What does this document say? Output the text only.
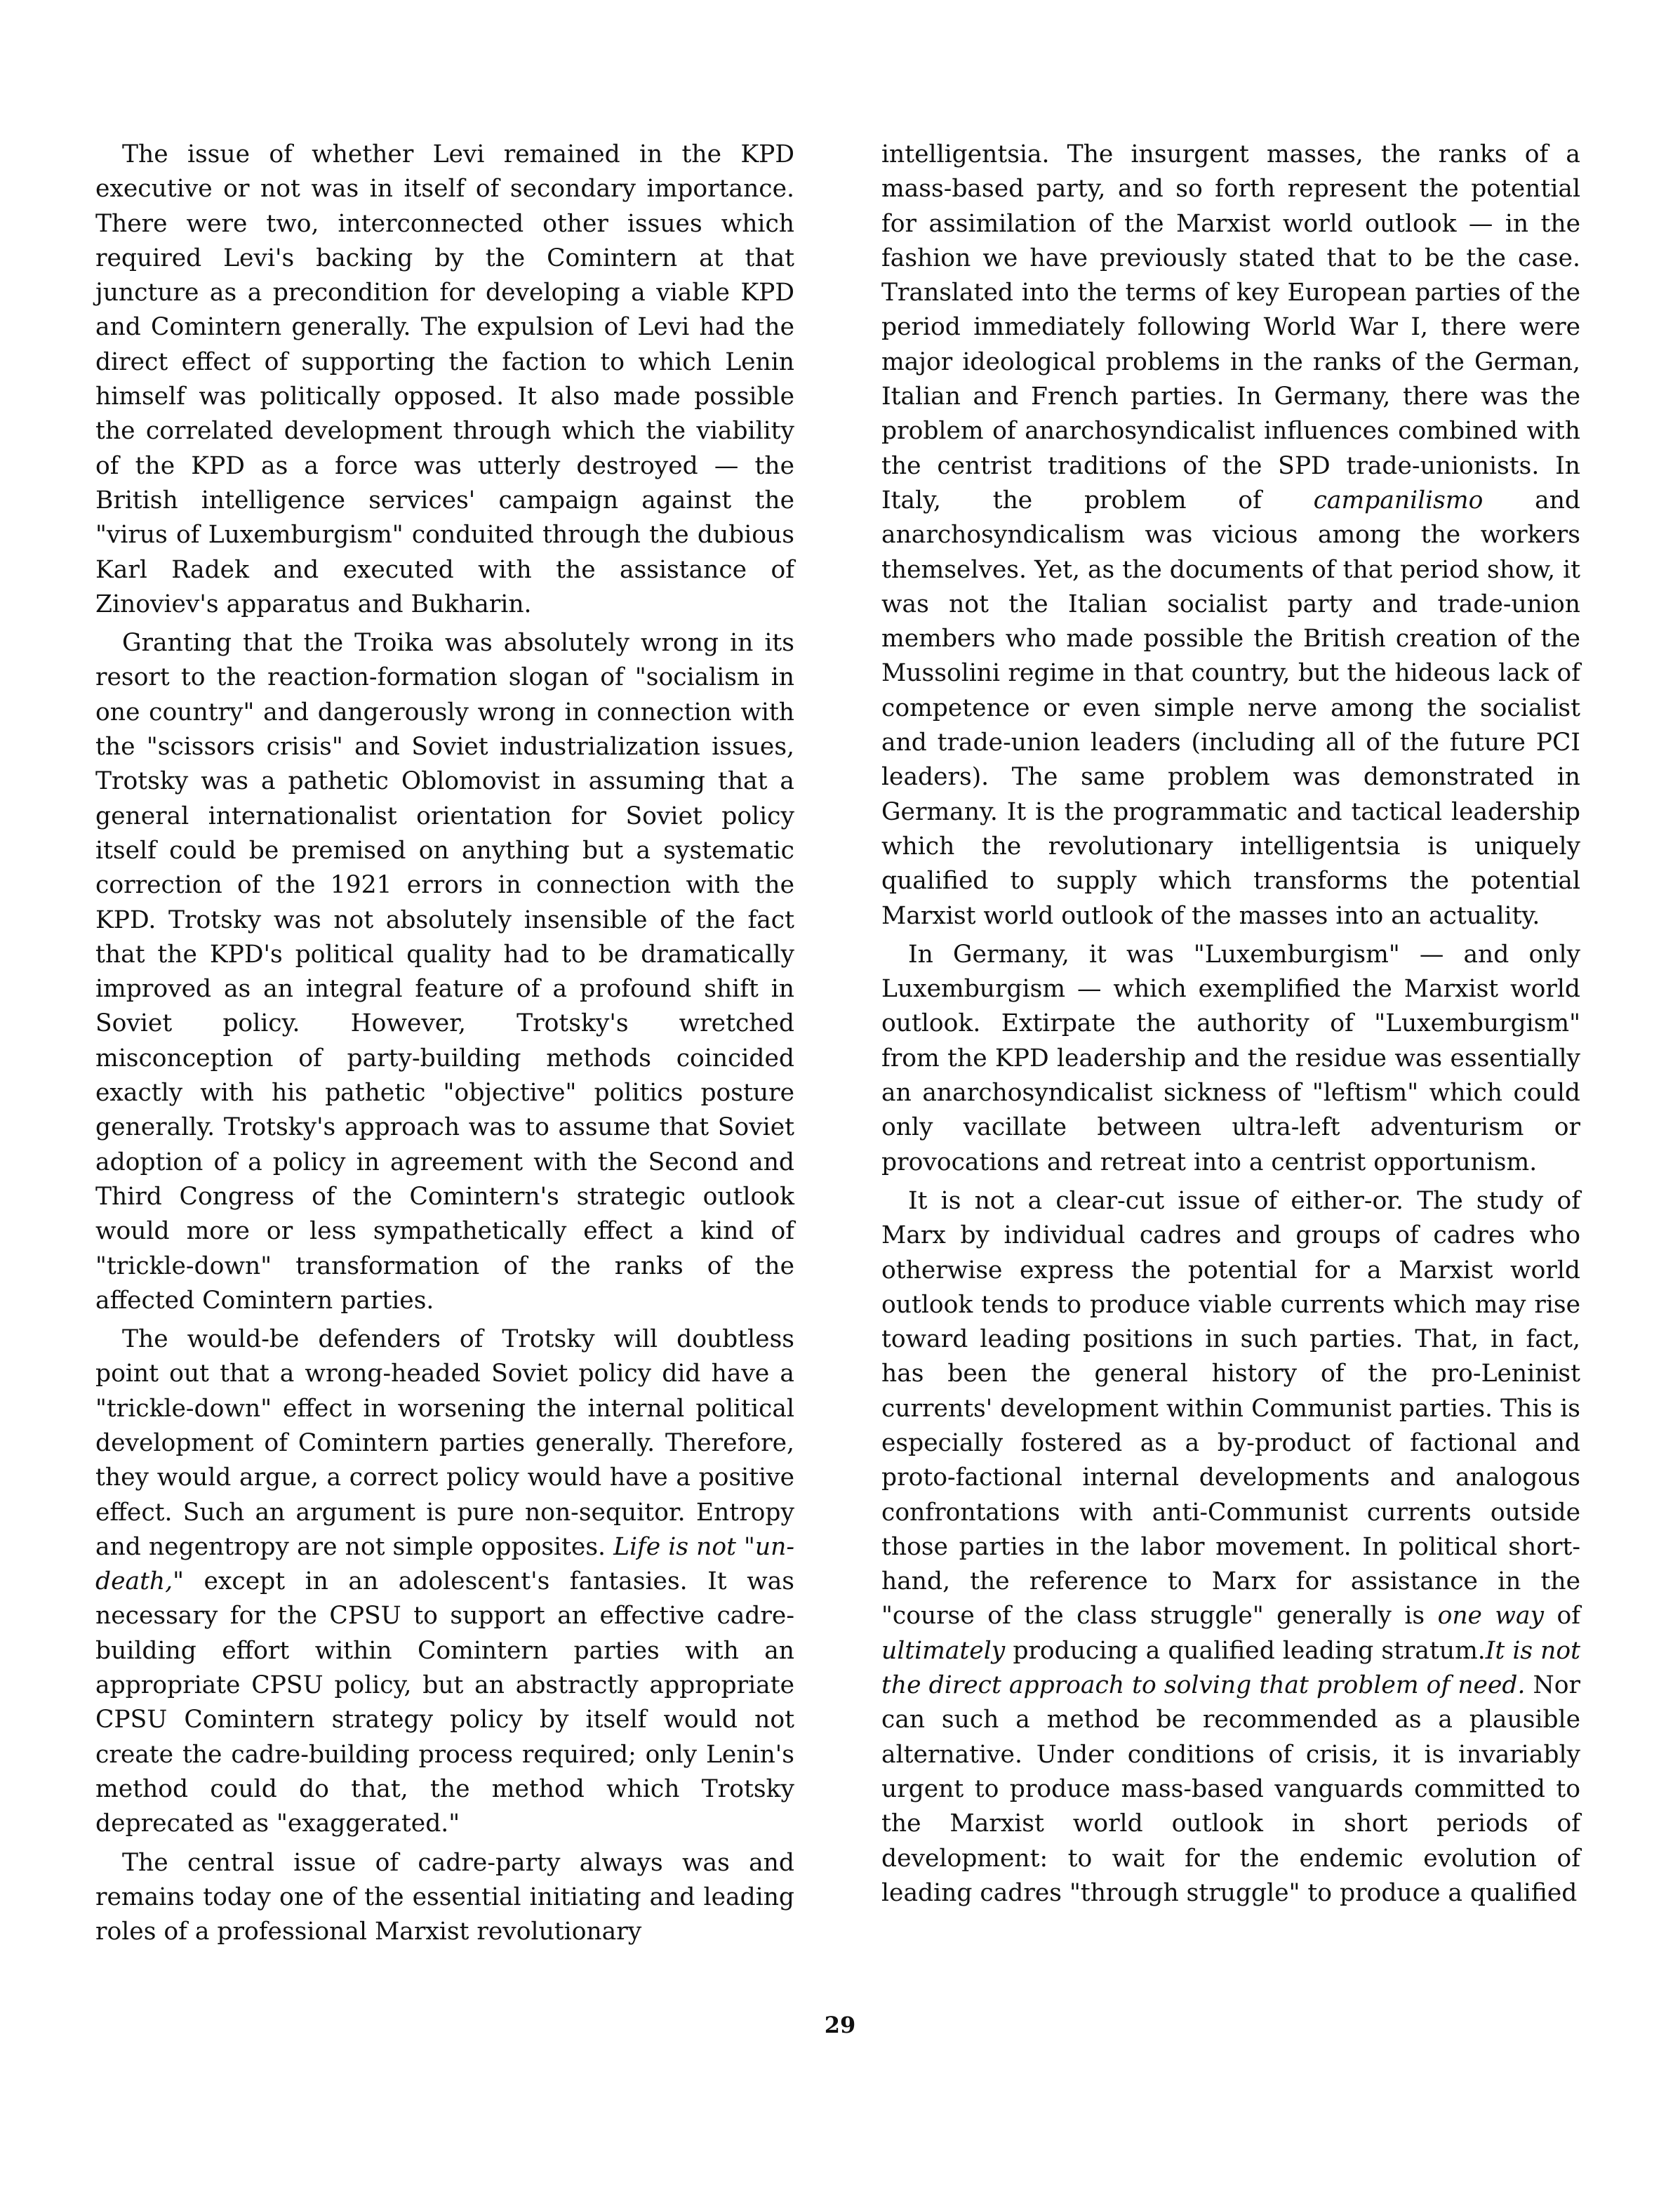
The issue of whether Levi remained in the KPD executive or not was in itself of secondary importance. There were two, interconnected other issues which required Levi's backing by the Comintern at that juncture as a precondition for developing a viable KPD and Comintern generally. The expulsion of Levi had the direct effect of supporting the faction to which Lenin himself was politically opposed. It also made possible the correlated development through which the viability of the KPD as a force was utterly destroyed — the British intelligence services' campaign against the "virus of Luxemburgism" conduited through the dubious Karl Radek and executed with the assistance of Zinoviev's apparatus and Bukharin.

Granting that the Troika was absolutely wrong in its resort to the reaction-formation slogan of "socialism in one country" and dangerously wrong in connection with the "scissors crisis" and Soviet industrialization issues, Trotsky was a pathetic Oblomovist in assuming that a general internationalist orientation for Soviet policy itself could be premised on anything but a systematic correction of the 1921 errors in connection with the KPD. Trotsky was not absolutely insensible of the fact that the KPD's political quality had to be dramatically improved as an integral feature of a profound shift in Soviet policy. However, Trotsky's wretched misconception of party-building methods coincided exactly with his pathetic "objective" politics posture generally. Trotsky's approach was to assume that Soviet adoption of a policy in agreement with the Second and Third Congress of the Comintern's strategic outlook would more or less sympathetically effect a kind of "trickle-down" transformation of the ranks of the affected Comintern parties.

The would-be defenders of Trotsky will doubtless point out that a wrong-headed Soviet policy did have a "trickle-down" effect in worsening the internal political development of Comintern parties generally. Therefore, they would argue, a correct policy would have a positive effect. Such an argument is pure non-sequitor. Entropy and negentropy are not simple opposites. Life is not "un-death," except in an adolescent's fantasies. It was necessary for the CPSU to support an effective cadre-building effort within Comintern parties with an appropriate CPSU policy, but an abstractly appropriate CPSU Comintern strategy policy by itself would not create the cadre-building process required; only Lenin's method could do that, the method which Trotsky deprecated as "exaggerated."

The central issue of cadre-party always was and remains today one of the essential initiating and leading roles of a professional Marxist revolutionary

intelligentsia. The insurgent masses, the ranks of a mass-based party, and so forth represent the potential for assimilation of the Marxist world outlook — in the fashion we have previously stated that to be the case. Translated into the terms of key European parties of the period immediately following World War I, there were major ideological problems in the ranks of the German, Italian and French parties. In Germany, there was the problem of anarchosyndicalist influences combined with the centrist traditions of the SPD trade-unionists. In Italy, the problem of campanilismo and anarchosyndicalism was vicious among the workers themselves. Yet, as the documents of that period show, it was not the Italian socialist party and trade-union members who made possible the British creation of the Mussolini regime in that country, but the hideous lack of competence or even simple nerve among the socialist and trade-union leaders (including all of the future PCI leaders). The same problem was demonstrated in Germany. It is the programmatic and tactical leadership which the revolutionary intelligentsia is uniquely qualified to supply which transforms the potential Marxist world outlook of the masses into an actuality.

In Germany, it was "Luxemburgism" — and only Luxemburgism — which exemplified the Marxist world outlook. Extirpate the authority of "Luxemburgism" from the KPD leadership and the residue was essentially an anarchosyndicalist sickness of "leftism" which could only vacillate between ultra-left adventurism or provocations and retreat into a centrist opportunism.

It is not a clear-cut issue of either-or. The study of Marx by individual cadres and groups of cadres who otherwise express the potential for a Marxist world outlook tends to produce viable currents which may rise toward leading positions in such parties. That, in fact, has been the general history of the pro-Leninist currents' development within Communist parties. This is especially fostered as a by-product of factional and proto-factional internal developments and analogous confrontations with anti-Communist currents outside those parties in the labor movement. In political short-hand, the reference to Marx for assistance in the "course of the class struggle" generally is one way of ultimately producing a qualified leading stratum.It is not the direct approach to solving that problem of need. Nor can such a method be recommended as a plausible alternative. Under conditions of crisis, it is invariably urgent to produce mass-based vanguards committed to the Marxist world outlook in short periods of development: to wait for the endemic evolution of leading cadres "through struggle" to produce a qualified

29
